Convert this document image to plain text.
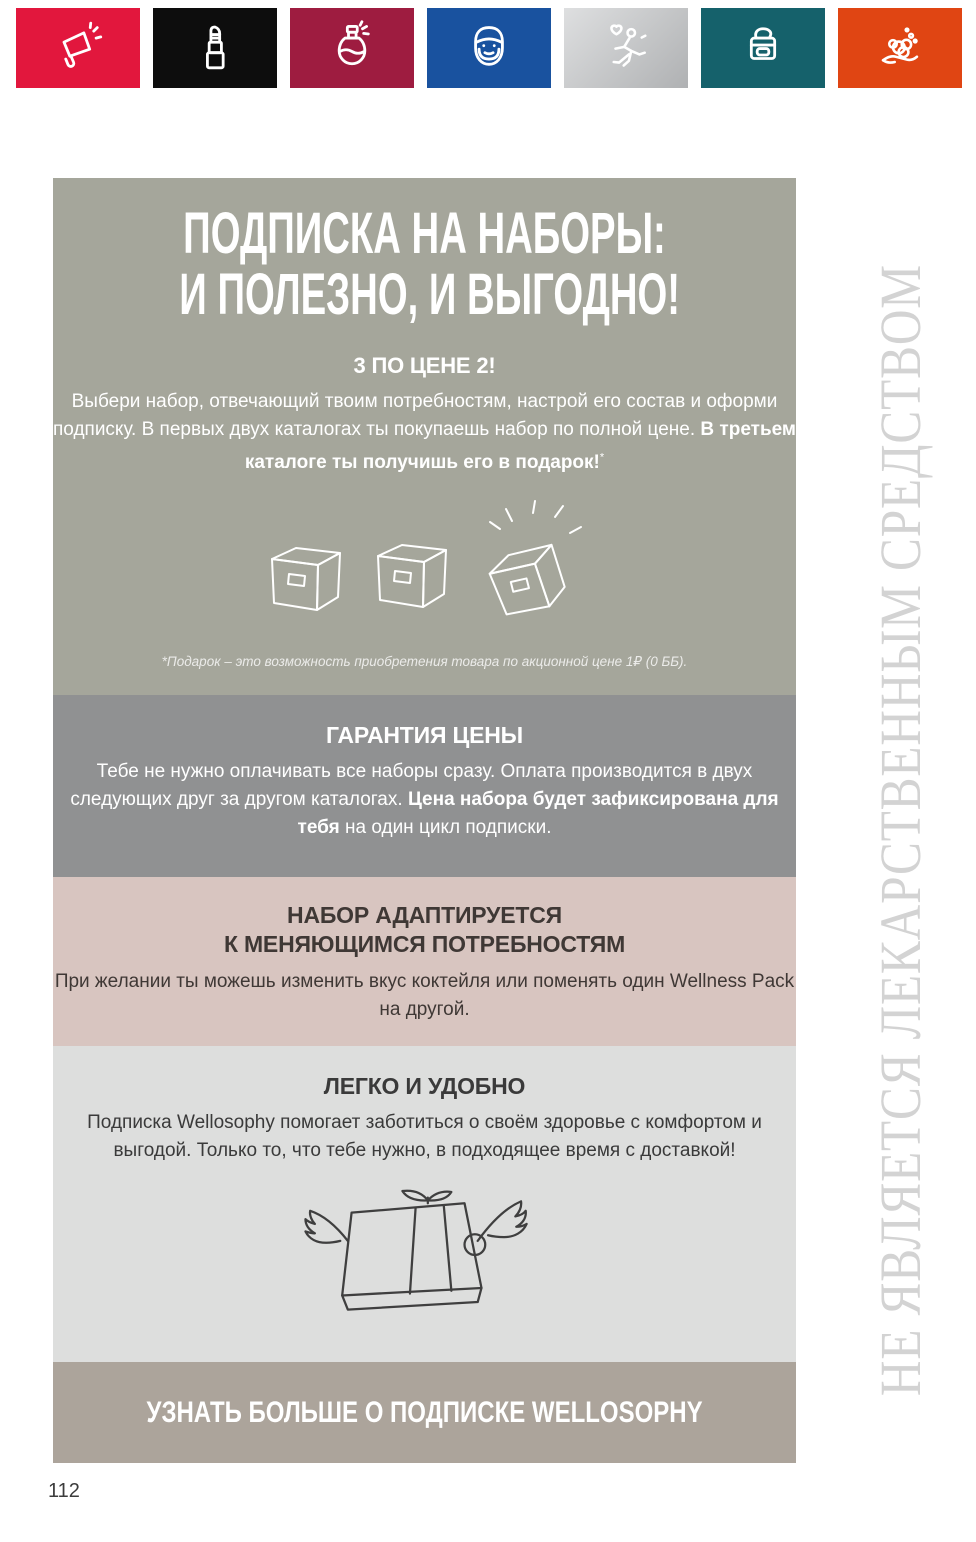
ПОДПИСКА НА НАБОРЫ:
И ПОЛЕЗНО, И ВЫГОДНО!

3 ПО ЦЕНЕ 2!

Выбери набор, отвечающий твоим потребностям, настрой его состав и оформи подписку. В первых двух каталогах ты покупаешь набор по полной цене. В третьем каталоге ты получишь его в подарок!*

*Подарок – это возможность приобретения товара по акционной цене 1₽ (0 ББ).

ГАРАНТИЯ ЦЕНЫ

Тебе не нужно оплачивать все наборы сразу. Оплата производится в двух следующих друг за другом каталогах. Цена набора будет зафиксирована для тебя на один цикл подписки.

НАБОР АДАПТИРУЕТСЯ
К МЕНЯЮЩИМСЯ ПОТРЕБНОСТЯМ

При желании ты можешь изменить вкус коктейля или поменять один Wellness Pack на другой.

ЛЕГКО И УДОБНО

Подписка Wellosophy помогает заботиться о своём здоровье с комфортом и выгодой. Только то, что тебе нужно, в подходящее время с доставкой!

УЗНАТЬ БОЛЬШЕ О ПОДПИСКЕ WELLOSOPHY
НЕ ЯВЛЯЕТСЯ ЛЕКАРСТВЕННЫМ СРЕДСТВОМ
112
